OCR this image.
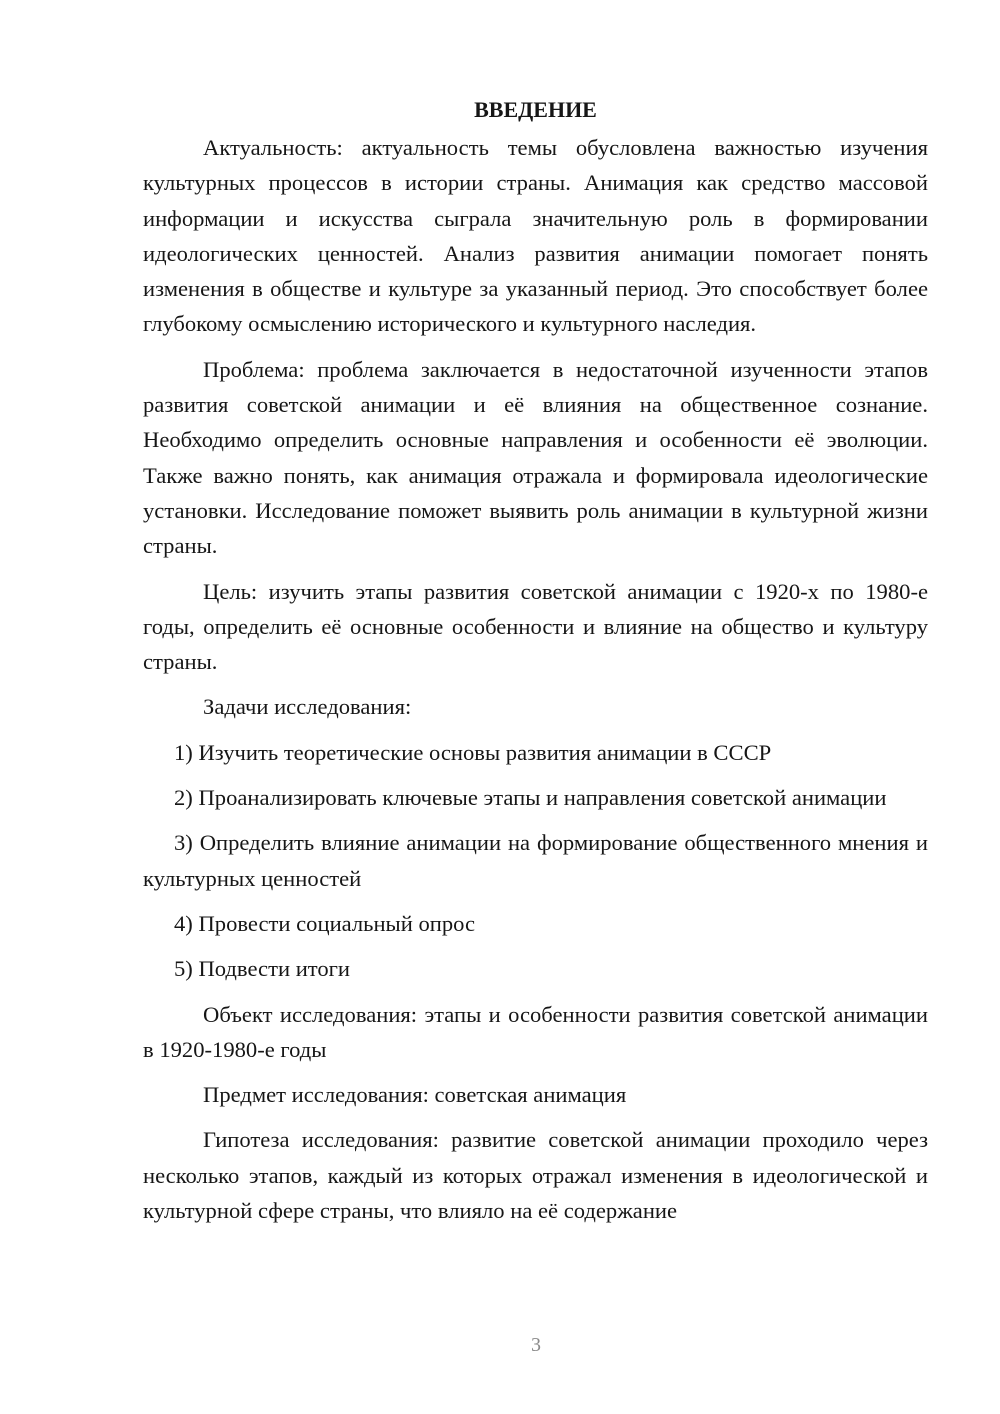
ВВЕДЕНИЕ

Актуальность: актуальность темы обусловлена важностью изучения культурных процессов в истории страны. Анимация как средство массовой информации и искусства сыграла значительную роль в формировании идеологических ценностей. Анализ развития анимации помогает понять изменения в обществе и культуре за указанный период. Это способствует более глубокому осмыслению исторического и культурного наследия.

Проблема: проблема заключается в недостаточной изученности этапов развития советской анимации и её влияния на общественное сознание. Необходимо определить основные направления и особенности её эволюции. Также важно понять, как анимация отражала и формировала идеологические установки. Исследование поможет выявить роль анимации в культурной жизни страны.

Цель: изучить этапы развития советской анимации с 1920-х по 1980-е годы, определить её основные особенности и влияние на общество и культуру страны.

Задачи исследования:

1) Изучить теоретические основы развития анимации в СССР

2) Проанализировать ключевые этапы и направления советской анимации

3) Определить влияние анимации на формирование общественного мнения и культурных ценностей

4) Провести социальный опрос

5) Подвести итоги

Объект исследования: этапы и особенности развития советской анимации в 1920-1980-е годы

Предмет исследования: советская анимация

Гипотеза исследования: развитие советской анимации проходило через несколько этапов, каждый из которых отражал изменения в идеологической и культурной сфере страны, что влияло на её содержание

3
